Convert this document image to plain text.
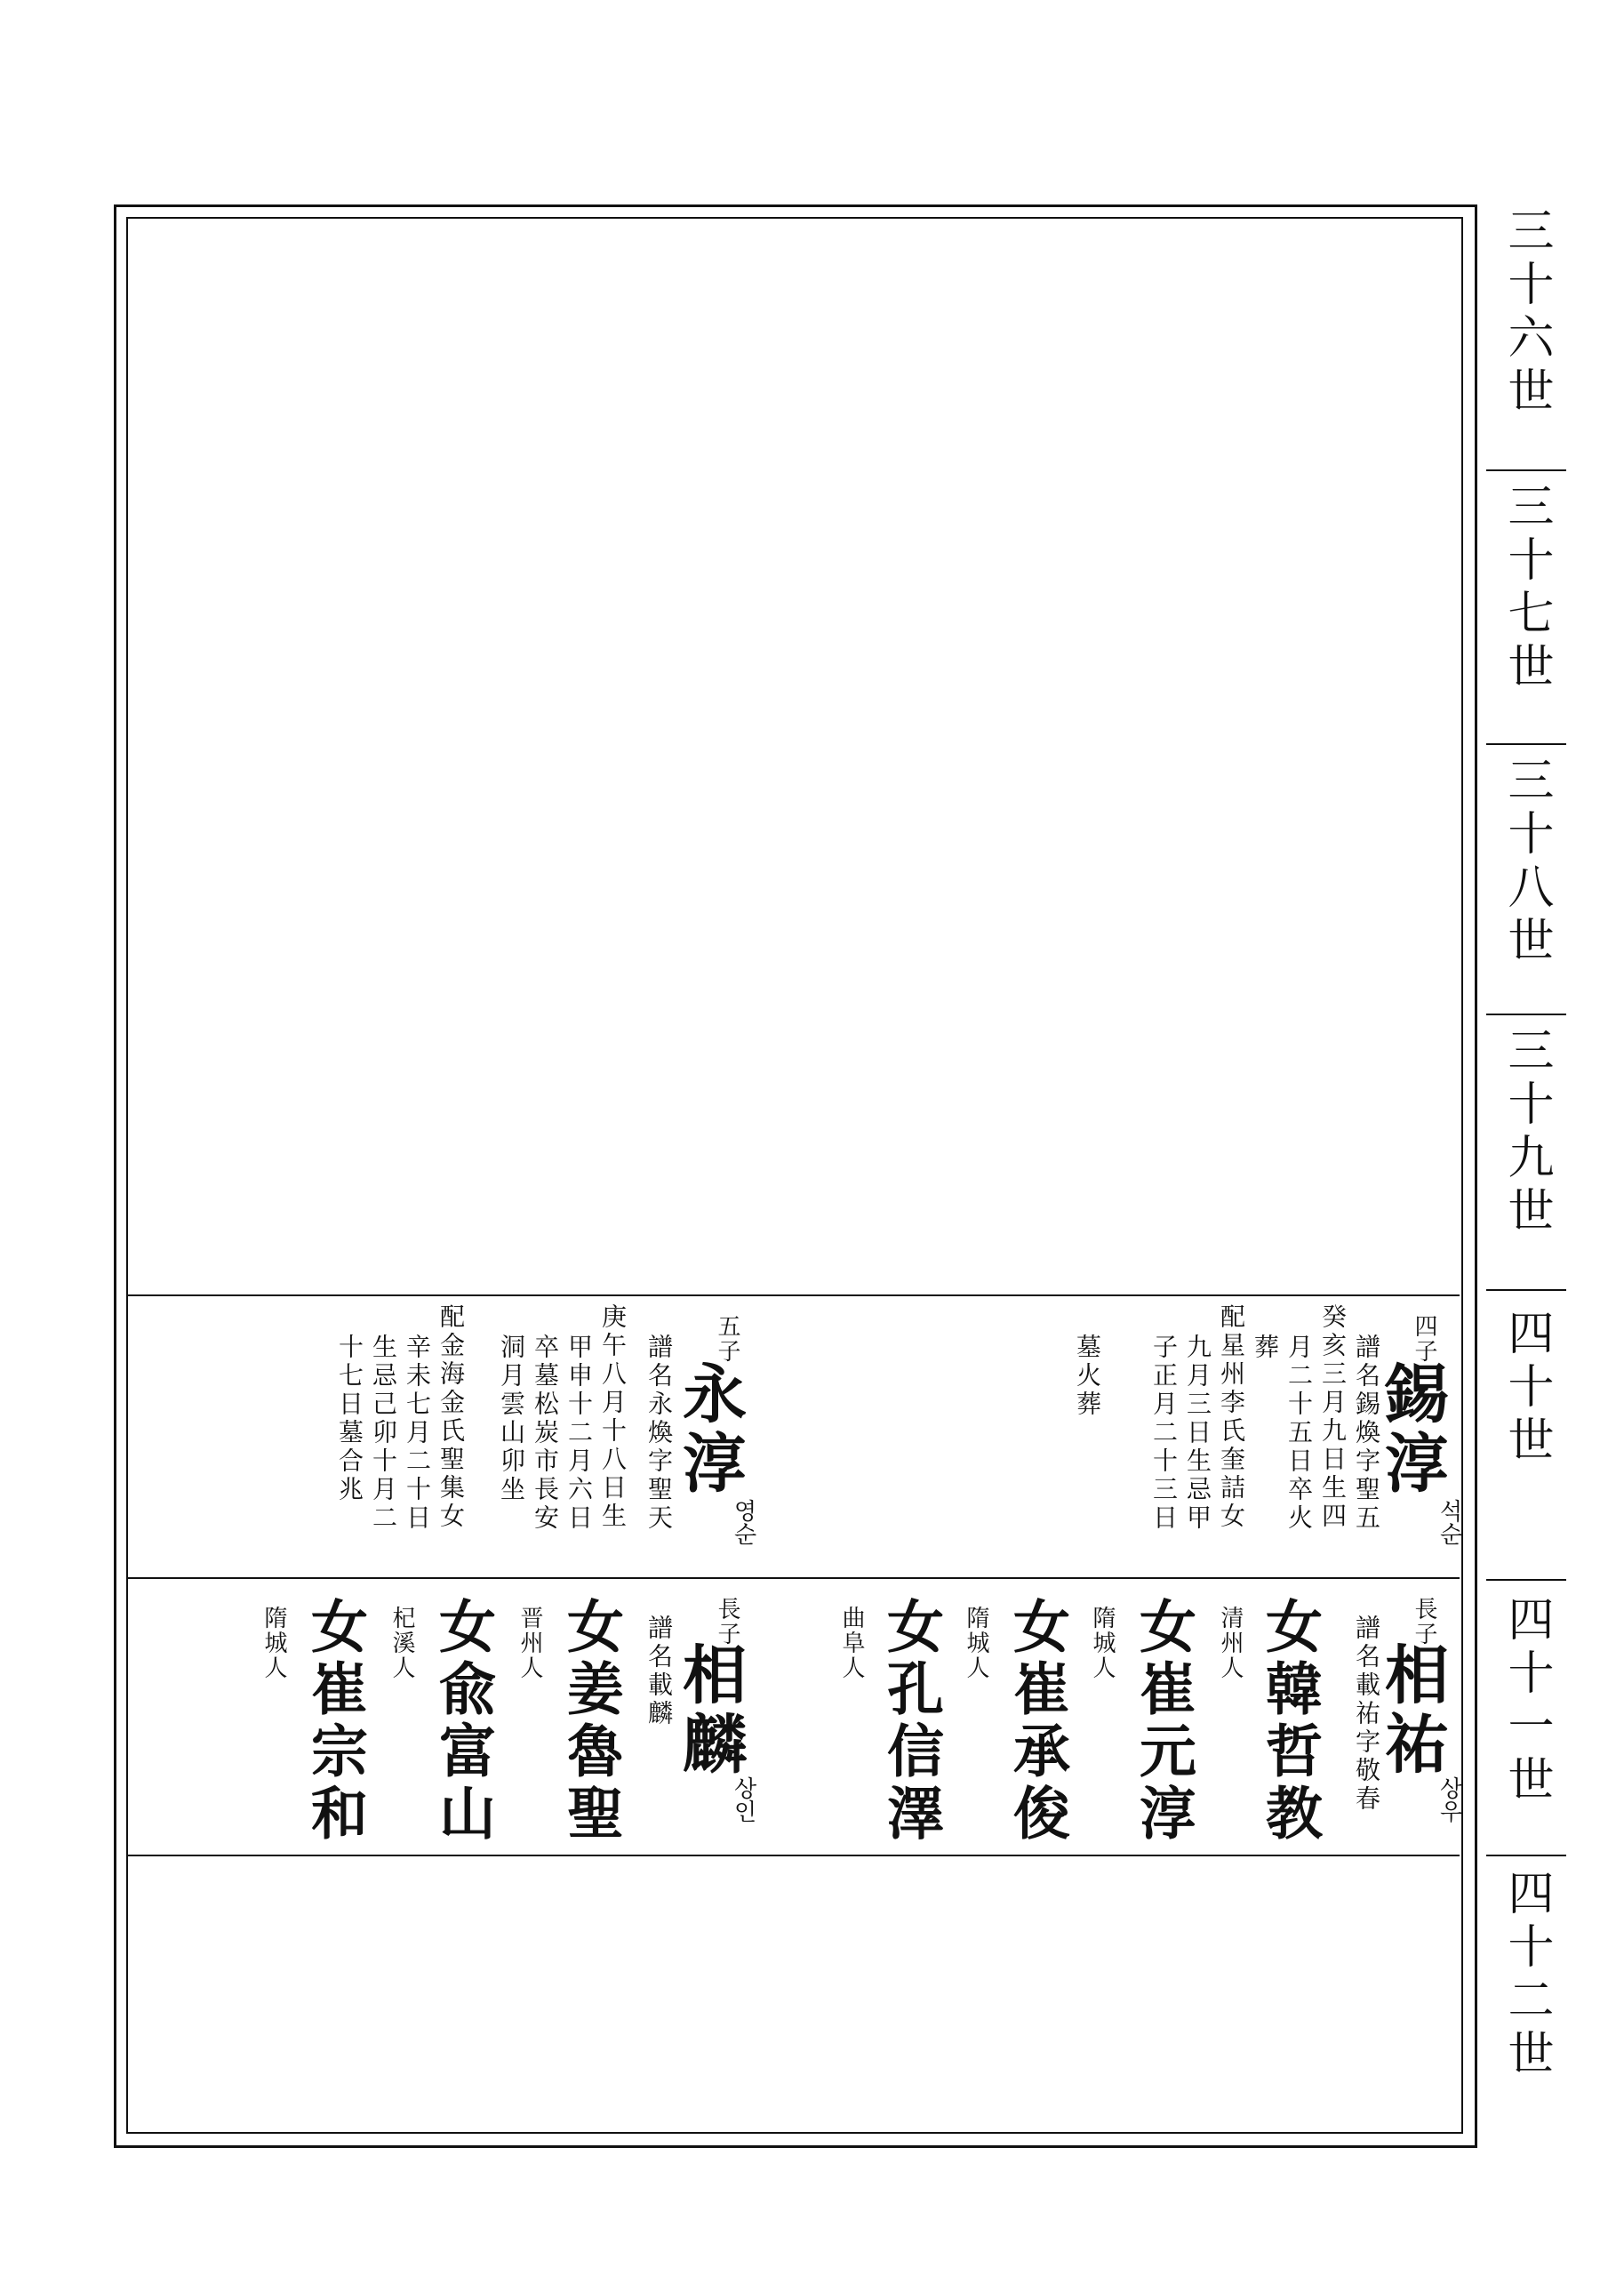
三十六世
三十七世
三十八世
三十九世
四十世
四十一世
四十二世
四子
錫淳
석순
譜名錫煥字聖五
癸亥三月九日生四
月二十五日卒火
葬
配星州李氏奎詰女
九月三日生忌甲
子正月二十三日
墓火葬
五子
永淳
영순
譜名永煥字聖天
庚午八月十八日生
甲申十二月六日
卒墓松炭市長安
洞月雲山卯坐
配金海金氏聖集女
辛未七月二十日
生忌己卯十月二
十七日墓合兆
長子
相祐
상우
譜名載祐字敬春
清州人 女
韓哲教
隋城人 女
崔元淳
隋城人 女
崔承俊
曲阜人 女
孔信澤
長子
相麟
상인
譜名載麟
晋州人 女
姜魯聖
杞溪人 女
兪富山
隋城人 女
崔宗和
